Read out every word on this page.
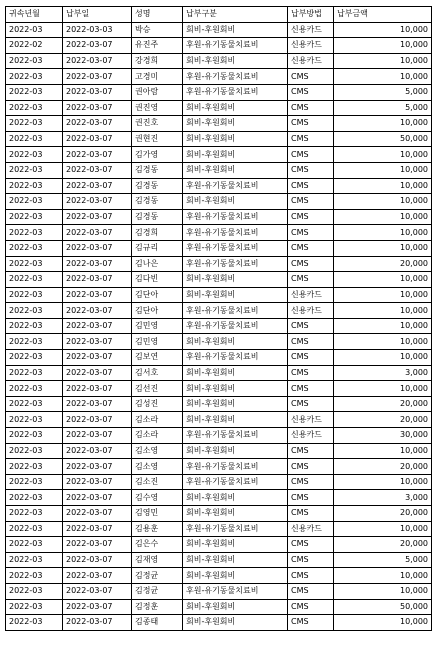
귀속년월	납부일	성명	납부구분	납부방법	납부금액
2022-03	2022-03-03	박승	회비-후원회비	신용카드	10,000
2022-02	2022-03-07	유진주	후원-유기동물치료비	신용카드	10,000
2022-03	2022-03-07	강경희	회비-후원회비	신용카드	10,000
2022-03	2022-03-07	고경미	후원-유기동물치료비	CMS	10,000
2022-03	2022-03-07	권아람	후원-유기동물치료비	CMS	5,000
2022-03	2022-03-07	권진영	회비-후원회비	CMS	5,000
2022-03	2022-03-07	권진호	회비-후원회비	CMS	10,000
2022-03	2022-03-07	권현진	회비-후원회비	CMS	50,000
2022-03	2022-03-07	김가영	회비-후원회비	CMS	10,000
2022-03	2022-03-07	김경동	회비-후원회비	CMS	10,000
2022-03	2022-03-07	김경동	후원-유기동물치료비	CMS	10,000
2022-03	2022-03-07	김경동	회비-후원회비	CMS	10,000
2022-03	2022-03-07	김경동	후원-유기동물치료비	CMS	10,000
2022-03	2022-03-07	김경희	후원-유기동물치료비	CMS	10,000
2022-03	2022-03-07	김규리	후원-유기동물치료비	CMS	10,000
2022-03	2022-03-07	김나은	후원-유기동물치료비	CMS	20,000
2022-03	2022-03-07	김다빈	회비-후원회비	CMS	10,000
2022-03	2022-03-07	김단아	회비-후원회비	신용카드	10,000
2022-03	2022-03-07	김단아	후원-유기동물치료비	신용카드	10,000
2022-03	2022-03-07	김민영	후원-유기동물치료비	CMS	10,000
2022-03	2022-03-07	김민영	회비-후원회비	CMS	10,000
2022-03	2022-03-07	김보연	후원-유기동물치료비	CMS	10,000
2022-03	2022-03-07	김서호	회비-후원회비	CMS	3,000
2022-03	2022-03-07	김선진	회비-후원회비	CMS	10,000
2022-03	2022-03-07	김성진	회비-후원회비	CMS	20,000
2022-03	2022-03-07	김소라	회비-후원회비	신용카드	20,000
2022-03	2022-03-07	김소라	후원-유기동물치료비	신용카드	30,000
2022-03	2022-03-07	김소영	회비-후원회비	CMS	10,000
2022-03	2022-03-07	김소영	후원-유기동물치료비	CMS	20,000
2022-03	2022-03-07	김소진	후원-유기동물치료비	CMS	10,000
2022-03	2022-03-07	김수영	회비-후원회비	CMS	3,000
2022-03	2022-03-07	김영민	회비-후원회비	CMS	20,000
2022-03	2022-03-07	김용훈	후원-유기동물치료비	신용카드	10,000
2022-03	2022-03-07	김은수	회비-후원회비	CMS	20,000
2022-03	2022-03-07	김재영	회비-후원회비	CMS	5,000
2022-03	2022-03-07	김정균	회비-후원회비	CMS	10,000
2022-03	2022-03-07	김정균	후원-유기동물치료비	CMS	10,000
2022-03	2022-03-07	김정훈	회비-후원회비	CMS	50,000
2022-03	2022-03-07	김종태	회비-후원회비	CMS	10,000
